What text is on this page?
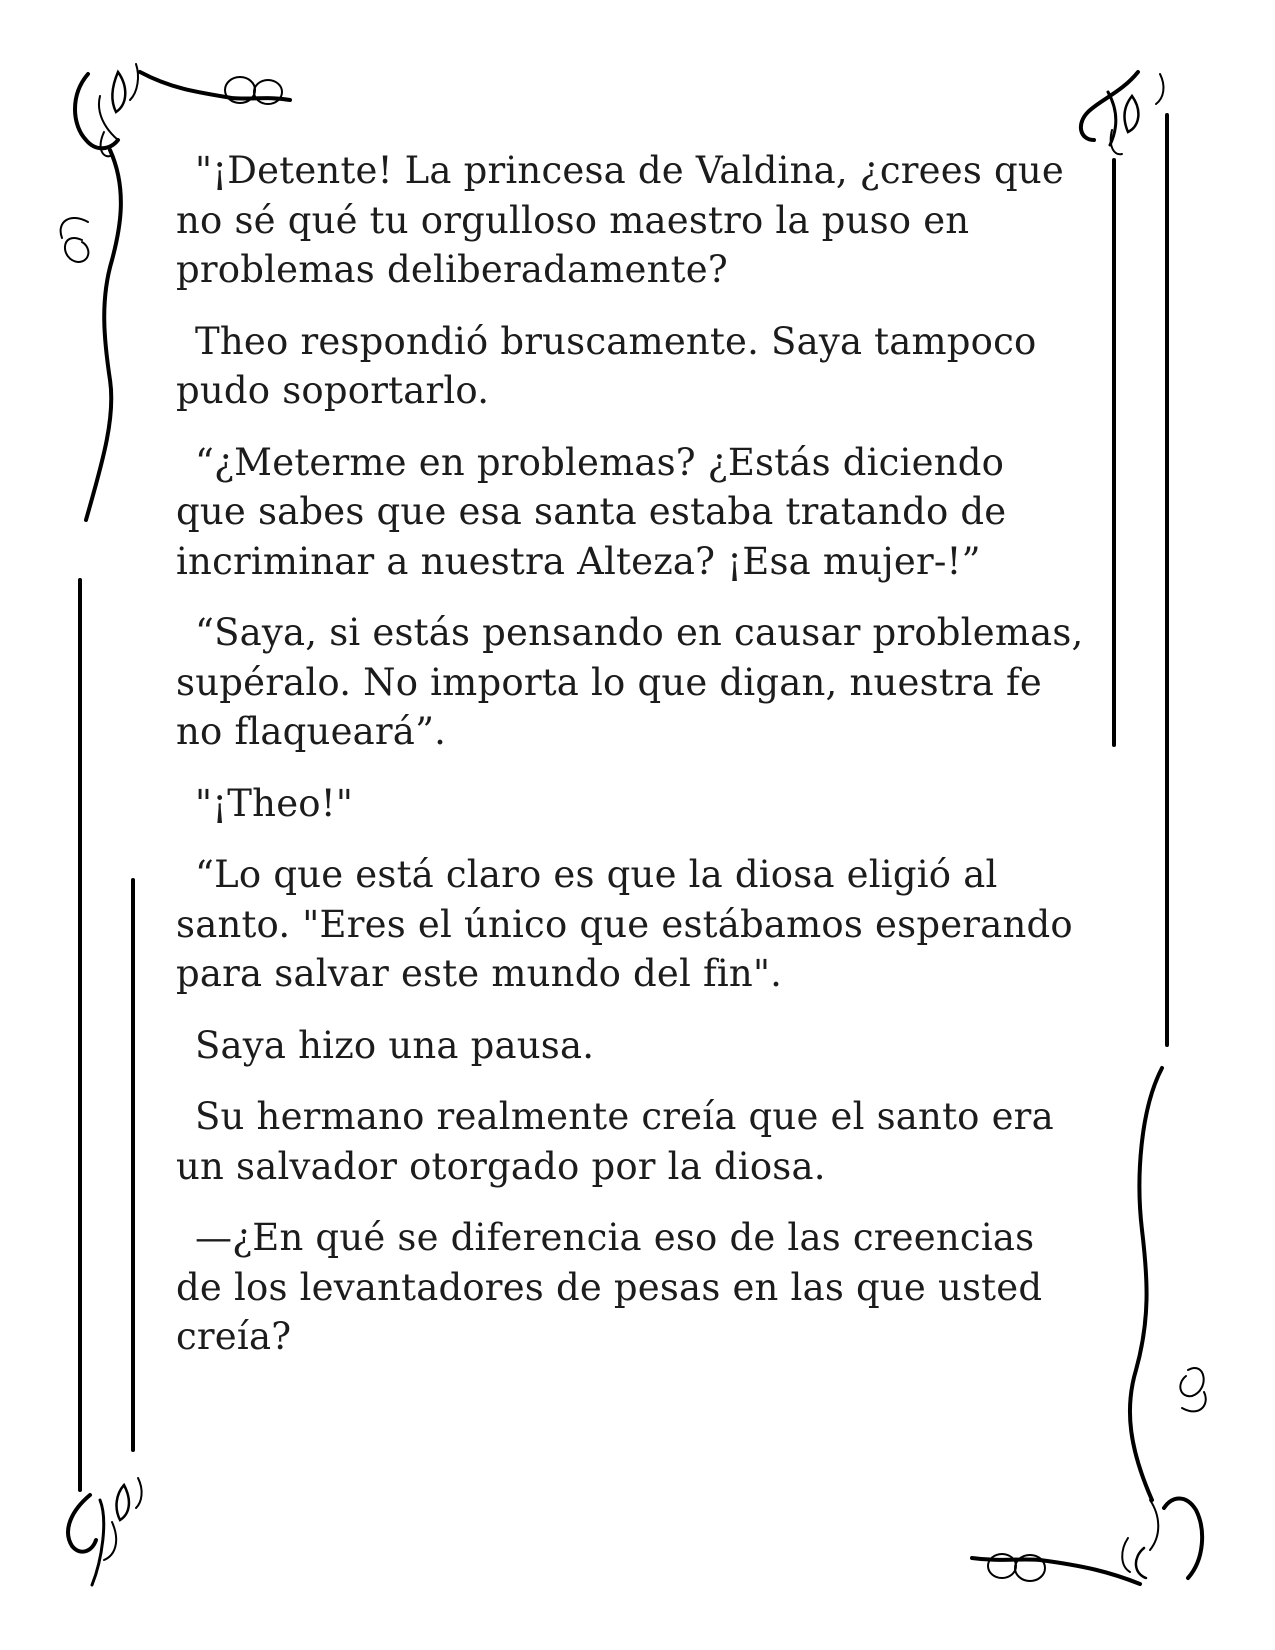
"¡Detente! La princesa de Valdina, ¿crees que no sé qué tu orgulloso maestro la puso en problemas deliberadamente?

Theo respondió bruscamente. Saya tampoco pudo soportarlo.

“¿Meterme en problemas? ¿Estás diciendo que sabes que esa santa estaba tratando de incriminar a nuestra Alteza? ¡Esa mujer-!”

“Saya, si estás pensando en causar problemas, supéralo. No importa lo que digan, nuestra fe no flaqueará”.

"¡Theo!"

“Lo que está claro es que la diosa eligió al santo. "Eres el único que estábamos esperando para salvar este mundo del fin".

Saya hizo una pausa.

Su hermano realmente creía que el santo era un salvador otorgado por la diosa.

—¿En qué se diferencia eso de las creencias de los levantadores de pesas en las que usted creía?
